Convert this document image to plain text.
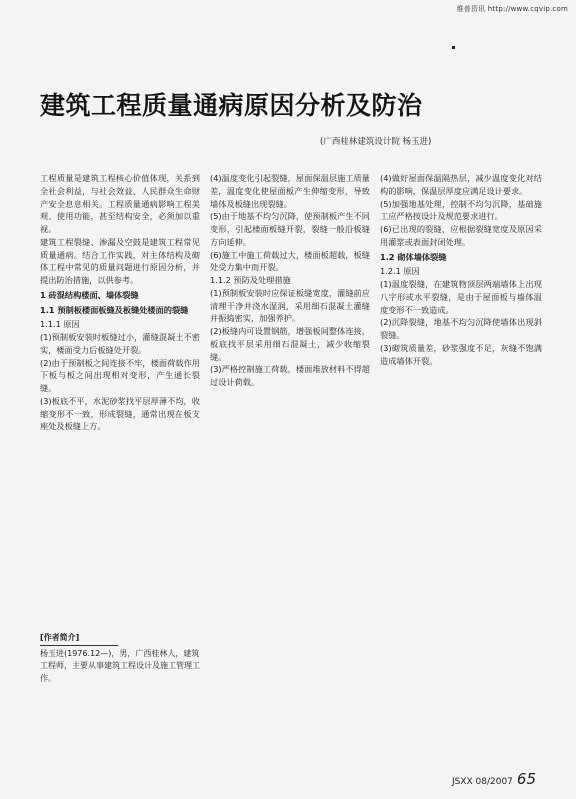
维普资讯 http://www.cqvip.com
建筑工程质量通病原因分析及防治
(广西桂林建筑设计院 杨玉进)

工程质量是建筑工程核心价值体现，关系到全社会利益，与社会效益、人民群众生命财产安全息息相关。工程质量通病影响工程美观、使用功能，甚至结构安全，必须加以重视。

建筑工程裂缝、渗漏及空鼓是建筑工程常见质量通病。结合工作实践，对主体结构及砌体工程中常见的质量问题进行原因分析，并提出防治措施，以供参考。

1 砖混结构楼面、墙体裂缝

1.1 预制板楼面板缝及板缝处楼面的裂缝

1.1.1 原因

(1)预制板安装时板缝过小，灌缝混凝土不密实，楼面受力后板缝处开裂。

(2)由于预制板之间连接不牢，楼面荷载作用下板与板之间出现相对变形，产生通长裂缝。

(3)板底不平，水泥砂浆找平层厚薄不均，收缩变形不一致，形成裂缝，通常出现在板支座处及板缝上方。

(4)温度变化引起裂缝，屋面保温层施工质量差，温度变化使屋面板产生伸缩变形，导致墙体及板缝出现裂缝。

(5)由于地基不均匀沉降，使预制板产生不同变形，引起楼面板缝开裂，裂缝一般沿板缝方向延伸。

(6)施工中施工荷载过大，楼面板超载，板缝处受力集中而开裂。

1.1.2 预防及处理措施

(1)预制板安装时应保证板缝宽度，灌缝前应清理干净并浇水湿润，采用细石混凝土灌缝并振捣密实，加强养护。

(2)板缝内可设置钢筋，增强板间整体连接，板底找平层采用细石混凝土，减少收缩裂缝。

(3)严格控制施工荷载，楼面堆放材料不得超过设计荷载。

(4)做好屋面保温隔热层，减少温度变化对结构的影响，保温层厚度应满足设计要求。

(5)加强地基处理，控制不均匀沉降，基础施工应严格按设计及规范要求进行。

(6)已出现的裂缝，应根据裂缝宽度及原因采用灌浆或表面封闭处理。

1.2 砌体墙体裂缝

1.2.1 原因

(1)温度裂缝，在建筑物顶层两端墙体上出现八字形或水平裂缝，是由于屋面板与墙体温度变形不一致造成。

(2)沉降裂缝，地基不均匀沉降使墙体出现斜裂缝。

(3)砌筑质量差，砂浆强度不足，灰缝不饱满造成墙体开裂。

[作者简介]
杨玉进(1976.12—)，男，广西桂林人，建筑工程师，主要从事建筑工程设计及施工管理工作。
JSXX 08/2007 65
